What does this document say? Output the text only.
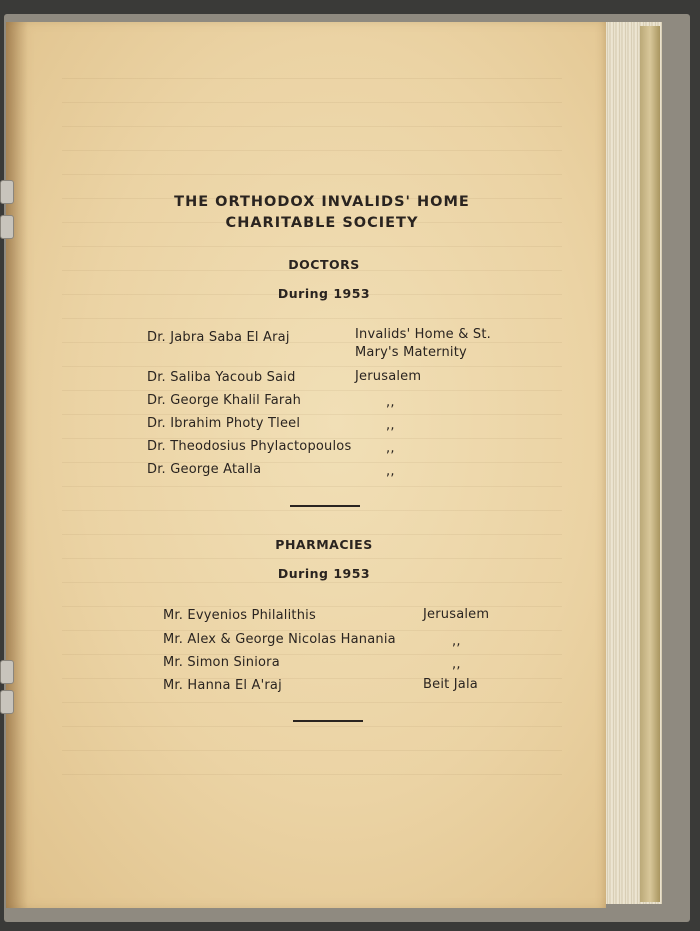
THE ORTHODOX INVALIDS' HOME
CHARITABLE SOCIETY
DOCTORS
During 1953
Dr. Jabra Saba El Araj	Invalids' Home & St.
Mary's Maternity
Dr. Saliba Yacoub Said	Jerusalem
Dr. George Khalil Farah	,,
Dr. Ibrahim Photy Tleel	,,
Dr. Theodosius Phylactopoulos	,,
Dr. George Atalla	,,
PHARMACIES
During 1953
Mr. Evyenios Philalithis	Jerusalem
Mr. Alex & George Nicolas Hanania	,,
Mr. Simon Siniora	,,
Mr. Hanna El A'raj	Beit Jala
